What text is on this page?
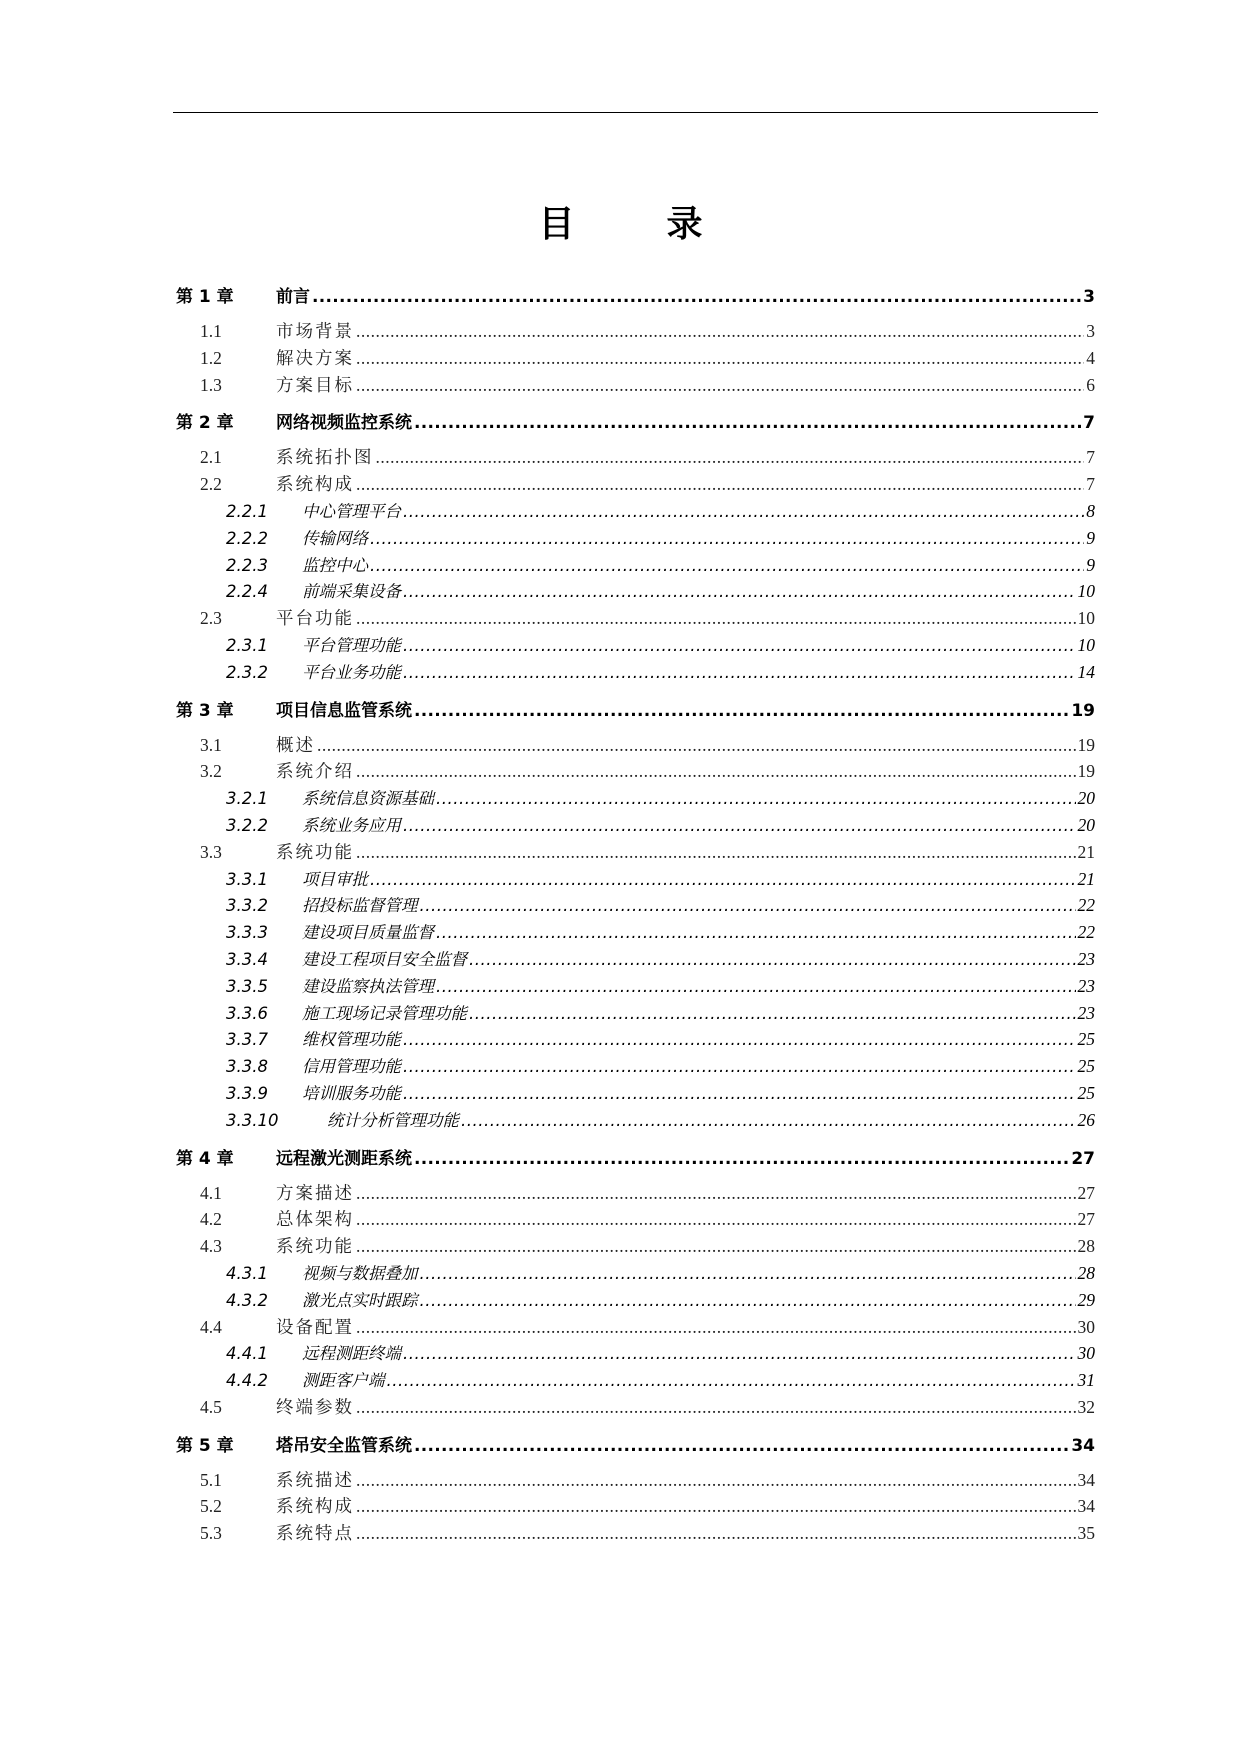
目　录
第 1 章	前言 .....	3
1.1	市场背景 .....	3
1.2	解决方案 .....	4
1.3	方案目标 .....	6
第 2 章	网络视频监控系统 .....	7
2.1	系统拓扑图 .....	7
2.2	系统构成 .....	7
2.2.1	中心管理平台 .....	8
2.2.2	传输网络 .....	9
2.2.3	监控中心 .....	9
2.2.4	前端采集设备 .....	10
2.3	平台功能 .....	10
2.3.1	平台管理功能 .....	10
2.3.2	平台业务功能 .....	14
第 3 章	项目信息监管系统 .....	19
3.1	概述 .....	19
3.2	系统介绍 .....	19
3.2.1	系统信息资源基础 .....	20
3.2.2	系统业务应用 .....	20
3.3	系统功能 .....	21
3.3.1	项目审批 .....	21
3.3.2	招投标监督管理 .....	22
3.3.3	建设项目质量监督 .....	22
3.3.4	建设工程项目安全监督 .....	23
3.3.5	建设监察执法管理 .....	23
3.3.6	施工现场记录管理功能 .....	23
3.3.7	维权管理功能 .....	25
3.3.8	信用管理功能 .....	25
3.3.9	培训服务功能 .....	25
3.3.10	统计分析管理功能 .....	26
第 4 章	远程激光测距系统 .....	27
4.1	方案描述 .....	27
4.2	总体架构 .....	27
4.3	系统功能 .....	28
4.3.1	视频与数据叠加 .....	28
4.3.2	激光点实时跟踪 .....	29
4.4	设备配置 .....	30
4.4.1	远程测距终端 .....	30
4.4.2	测距客户端 .....	31
4.5	终端参数 .....	32
第 5 章	塔吊安全监管系统 .....	34
5.1	系统描述 .....	34
5.2	系统构成 .....	34
5.3	系统特点 .....	35
